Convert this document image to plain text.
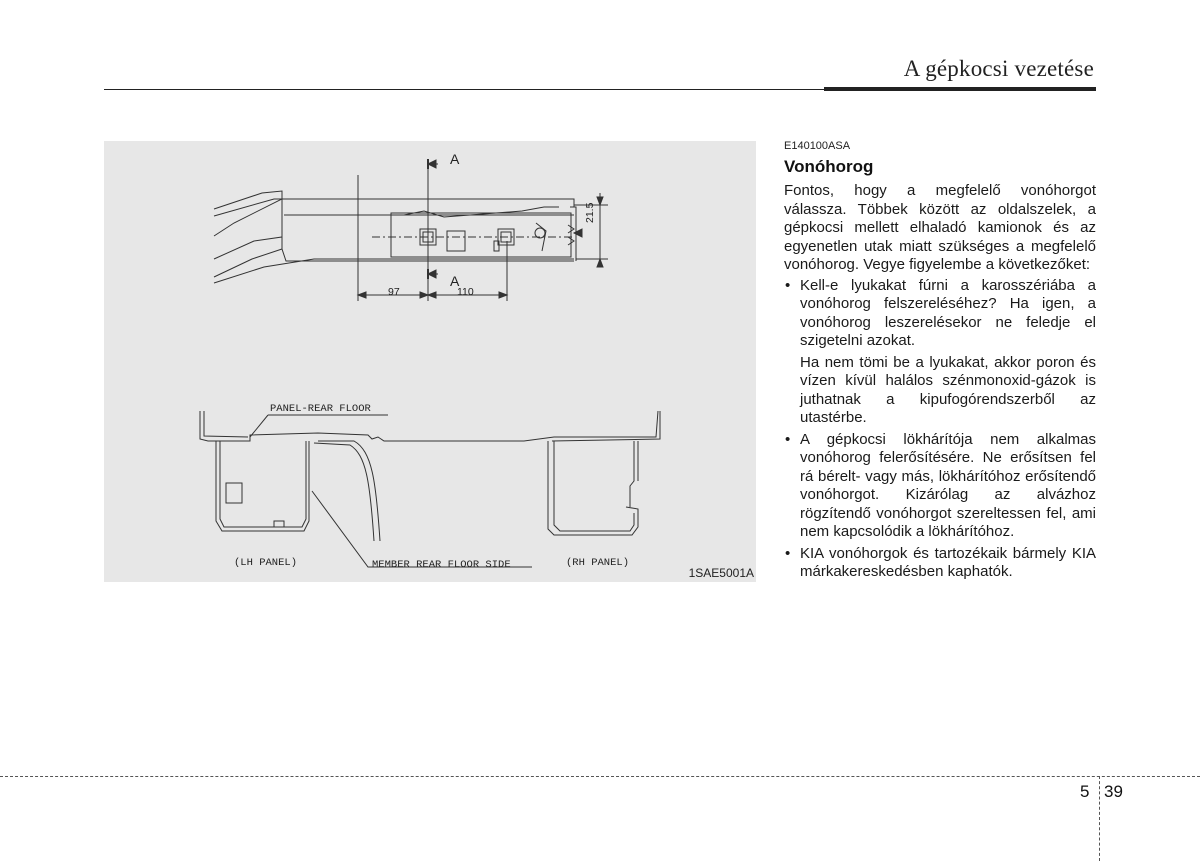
A gépkocsi vezetése
A
A
97	110
21.5
PANEL-REAR FLOOR
(LH PANEL)	MEMBER REAR FLOOR SIDE	(RH PANEL)
1SAE5001A
E140100ASA
Vonóhorog

Fontos, hogy a megfelelő vonóhorgot válassza. Többek között az oldalszelek, a gépkocsi mellett elhaladó kamionok és az egyenetlen utak miatt szükséges a megfelelő vonóhorog. Vegye figyelembe a következőket:

• Kell-e lyukakat fúrni a karosszériába a vonóhorog felszereléséhez? Ha igen, a vonóhorog leszerelésekor ne feledje el szigetelni azokat.
Ha nem tömi be a lyukakat, akkor poron és vízen kívül halálos szénmonoxid-gázok is juthatnak a kipufogórendszerből az utastérbe.
• A gépkocsi lökhárítója nem alkalmas vonóhorog felerősítésére. Ne erősítsen fel rá bérelt- vagy más, lökhárítóhoz erősítendő vonóhorgot. Kizárólag az alvázhoz rögzítendő vonóhorgot szereltessen fel, ami nem kapcsolódik a lökhárítóhoz.
• KIA vonóhorgok és tartozékaik bármely KIA márkakereskedésben kaphatók.
5 39
